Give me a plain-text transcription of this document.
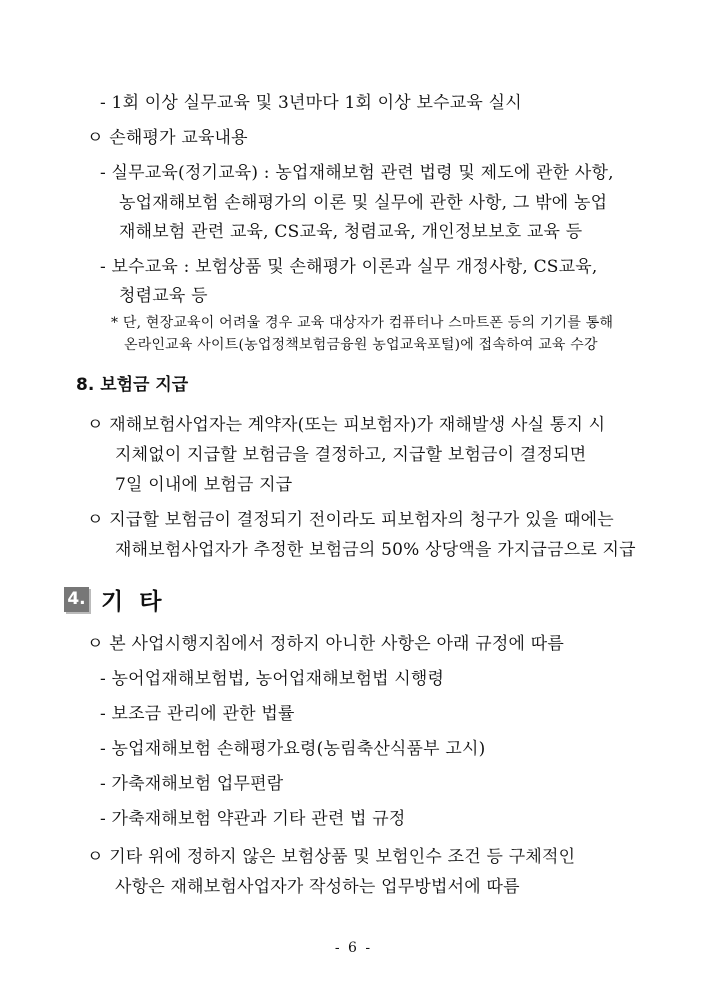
- 1회 이상 실무교육 및 3년마다 1회 이상 보수교육 실시
ㅇ 손해평가 교육내용
- 실무교육(정기교육) : 농업재해보험 관련 법령 및 제도에 관한 사항,
농업재해보험 손해평가의 이론 및 실무에 관한 사항, 그 밖에 농업
재해보험 관련 교육, CS교육, 청렴교육, 개인정보보호 교육 등
- 보수교육 : 보험상품 및 손해평가 이론과 실무 개정사항, CS교육,
청렴교육 등
* 단, 현장교육이 어려울 경우 교육 대상자가 컴퓨터나 스마트폰 등의 기기를 통해
온라인교육 사이트(농업정책보험금융원 농업교육포털)에 접속하여 교육 수강
8. 보험금 지급
ㅇ 재해보험사업자는 계약자(또는 피보험자)가 재해발생 사실 통지 시
지체없이 지급할 보험금을 결정하고, 지급할 보험금이 결정되면
7일 이내에 보험금 지급
ㅇ 지급할 보험금이 결정되기 전이라도 피보험자의 청구가 있을 때에는
재해보험사업자가 추정한 보험금의 50% 상당액을 가지급금으로 지급
4. 기 타
ㅇ 본 사업시행지침에서 정하지 아니한 사항은 아래 규정에 따름
- 농어업재해보험법, 농어업재해보험법 시행령
- 보조금 관리에 관한 법률
- 농업재해보험 손해평가요령(농림축산식품부 고시)
- 가축재해보험 업무편람
- 가축재해보험 약관과 기타 관련 법 규정
ㅇ 기타 위에 정하지 않은 보험상품 및 보험인수 조건 등 구체적인
사항은 재해보험사업자가 작성하는 업무방법서에 따름
- 6 -
